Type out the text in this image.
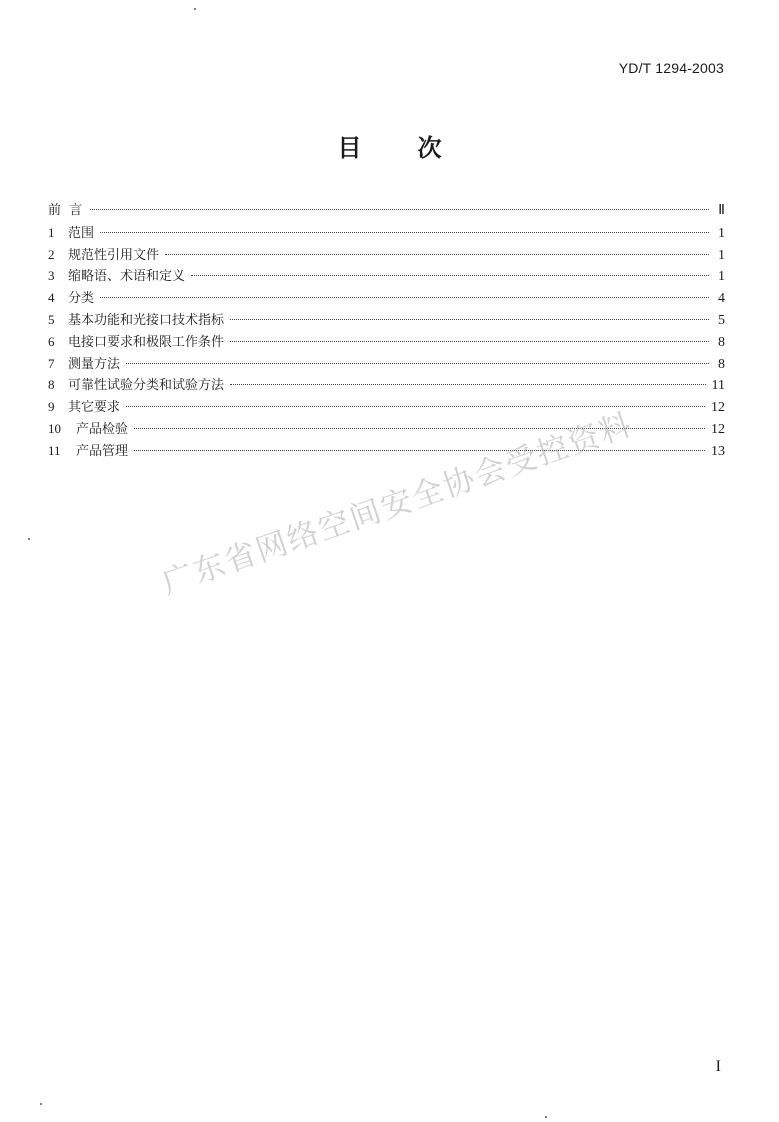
YD/T 1294-2003
目 次
前 言	Ⅱ
1	范围	1
2	规范性引用文件	1
3	缩略语、术语和定义	1
4	分类	4
5	基本功能和光接口技术指标	5
6	电接口要求和极限工作条件	8
7	测量方法	8
8	可靠性试验分类和试验方法	11
9	其它要求	12
10	产品检验	12
11	产品管理	13
广东省网络空间安全协会受控资料
I
